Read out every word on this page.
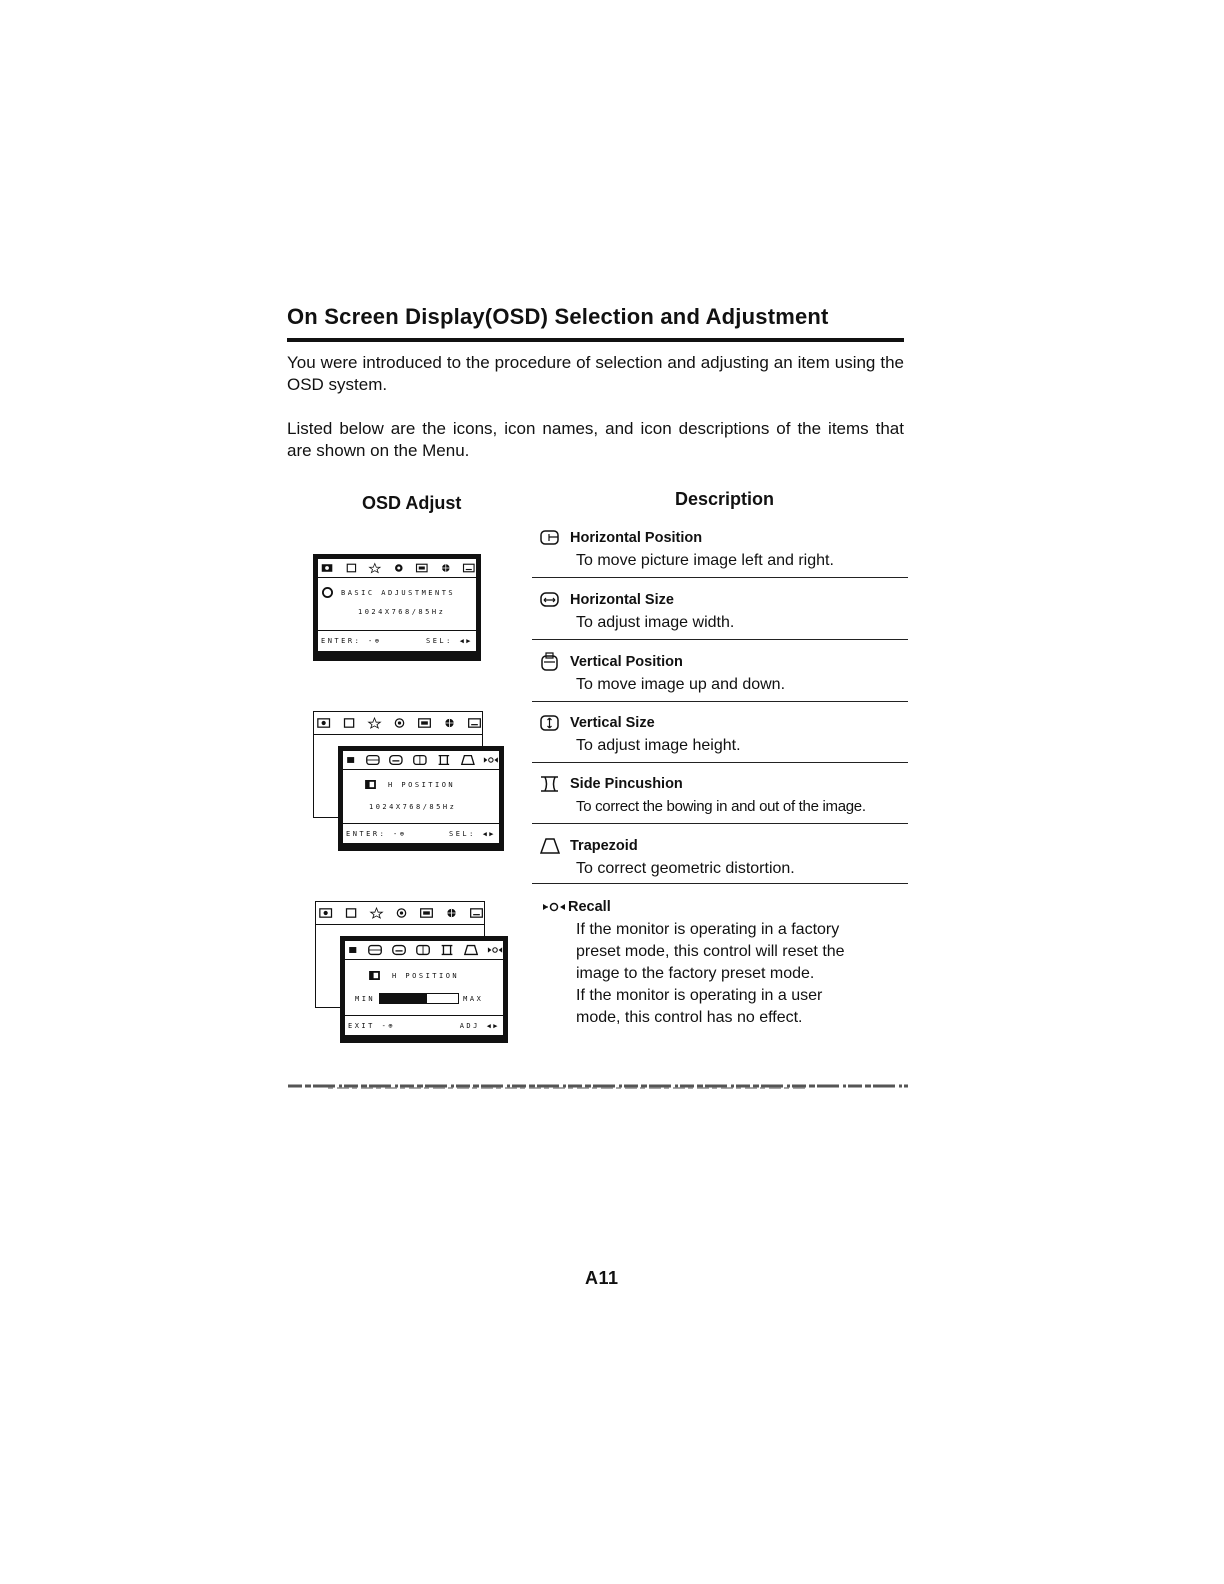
On Screen Display(OSD) Selection and Adjustment
You were introduced to the procedure of selection and adjusting an item using the OSD system.
Listed below are the icons, icon names, and icon descriptions of the items that are shown on the Menu.
OSD Adjust	Description
BASIC ADJUSTMENTS
1024X768/85Hz
ENTER: -⊕	SEL: ◀▶
H POSITION
1024X768/85Hz
ENTER: -⊕	SEL: ◀▶
H POSITION
MIN	MAX
EXIT -⊕	ADJ ◀▶
Horizontal Position
To move picture image left and right.
Horizontal Size
To adjust image width.
Vertical Position
To move image up and down.
Vertical Size
To adjust image height.
Side Pincushion
To correct the bowing in and out of the image.
Trapezoid
To correct geometric distortion.
Recall
If the monitor is operating in a factory
preset mode, this control will reset the
image to the factory preset mode.
If the monitor is operating in a user
mode, this control has no effect.
A11
